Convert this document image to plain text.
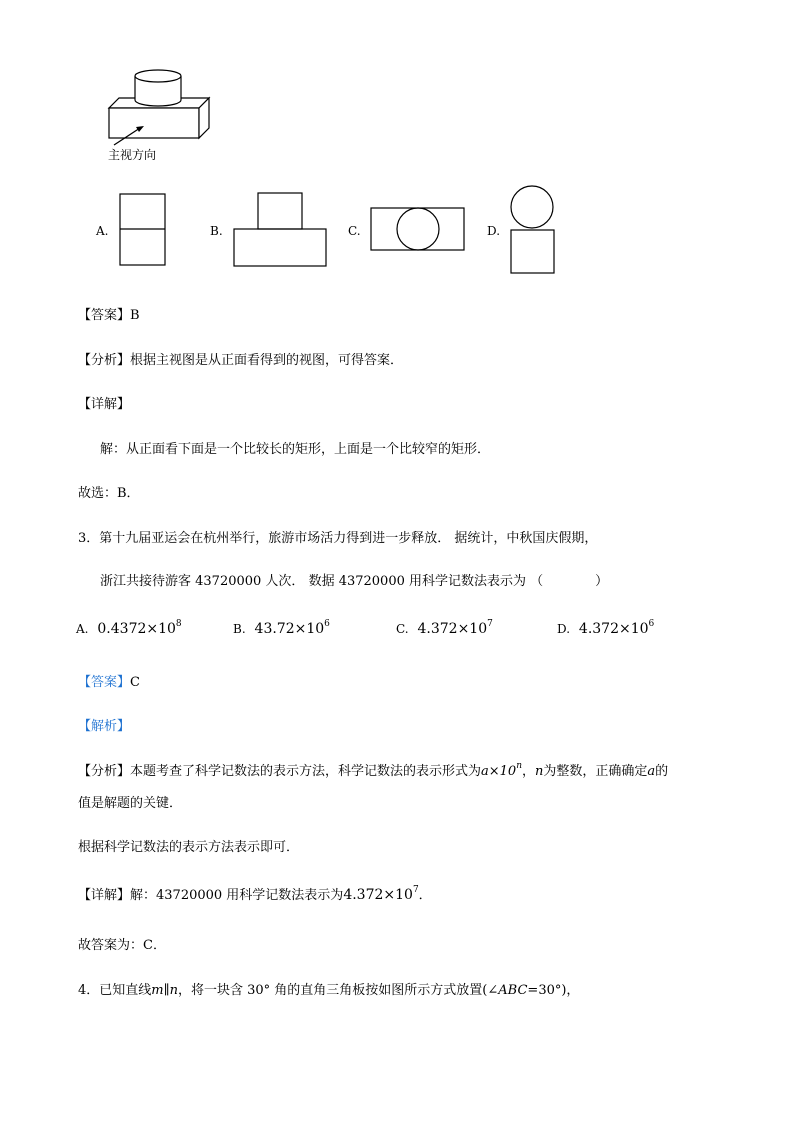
主视方向
A.	B.	C.	D.
【答案】B
【分析】根据主视图是从正面看得到的视图，可得答案．
【详解】
解：从正面看下面是一个比较长的矩形，上面是一个比较窄的矩形．
故选：B．
3．第十九届亚运会在杭州举行，旅游市场活力得到进一步释放． 据统计，中秋国庆假期，
浙江共接待游客 43720000 人次． 数据 43720000 用科学记数法表示为 （　　　　）
A. $0.4372\times 10^8$	B. $43.72\times 10^6$	C. $4.372\times 10^7$	D. $4.372\times 10^6$
【答案】C
【解析】
【分析】本题考查了科学记数法的表示方法，科学记数法的表示形式为$a\times 10^n$，n为整数，正确确定a的
值是解题的关键．
根据科学记数法的表示方法表示即可．
【详解】解：43720000 用科学记数法表示为$4.372\times 10^7$．
故答案为：C．
4．已知直线m∥n，将一块含 30° 角的直角三角板按如图所示方式放置(∠ABC=30°)，
